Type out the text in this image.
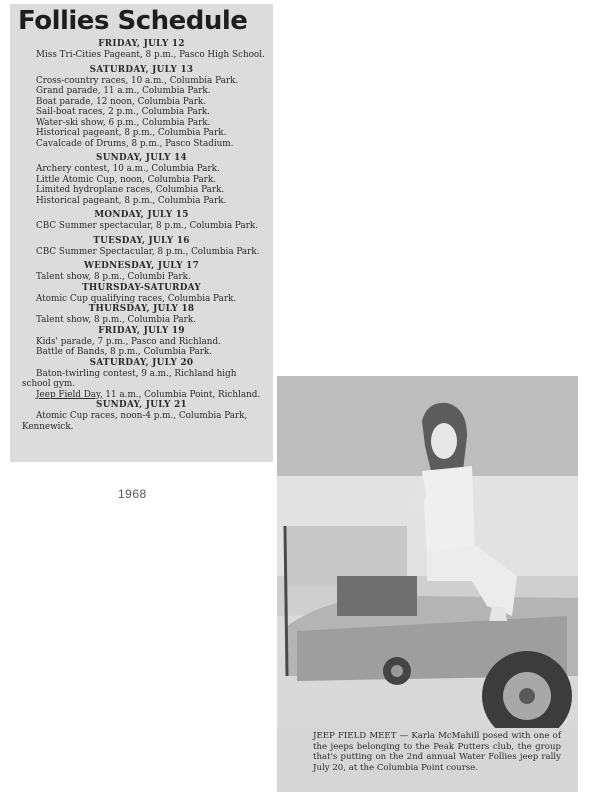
Follies Schedule
FRIDAY, JULY 12
Miss Tri-Cities Pageant, 8 p.m., Pasco High School.
SATURDAY, JULY 13
Cross-country races, 10 a.m., Columbia Park.
Grand parade, 11 a.m., Columbia Park.
Boat parade, 12 noon, Columbia Park.
Sail-boat races, 2 p.m., Columbia Park.
Water-ski show, 6 p.m., Columbia Park.
Historical pageant, 8 p.m., Columbia Park.
Cavalcade of Drums, 8 p.m., Pasco Stadium.
SUNDAY, JULY 14
Archery contest, 10 a.m., Columbia Park.
Little Atomic Cup, noon, Columbia Park.
Limited hydroplane races, Columbia Park.
Historical pageant, 8 p.m., Columbia Park.
MONDAY, JULY 15
CBC Summer spectacular, 8 p.m., Columbia Park.
TUESDAY, JULY 16
CBC Summer Spectacular, 8 p.m., Columbia Park.
WEDNESDAY, JULY 17
Talent show, 8 p.m., Columbi Park.
THURSDAY-SATURDAY
Atomic Cup qualifying races, Columbia Park.
THURSDAY, JULY 18
Talent show, 8 p.m., Columbia Park.
FRIDAY, JULY 19
Kids' parade, 7 p.m., Pasco and Richland.
Battle of Bands, 8 p.m., Columbia Park.
SATURDAY, JULY 20
Baton-twirling contest, 9 a.m., Richland high school gym.
Jeep Field Day, 11 a.m., Columbia Point, Richland.
SUNDAY, JULY 21
Atomic Cup races, noon-4 p.m., Columbia Park, Kennewick.
1968
JEEP FIELD MEET — Karla McMahill posed with one of the jeeps belonging to the Peak Putters club, the group that's putting on the 2nd annual Water Follies jeep rally July 20, at the Columbia Point course.
